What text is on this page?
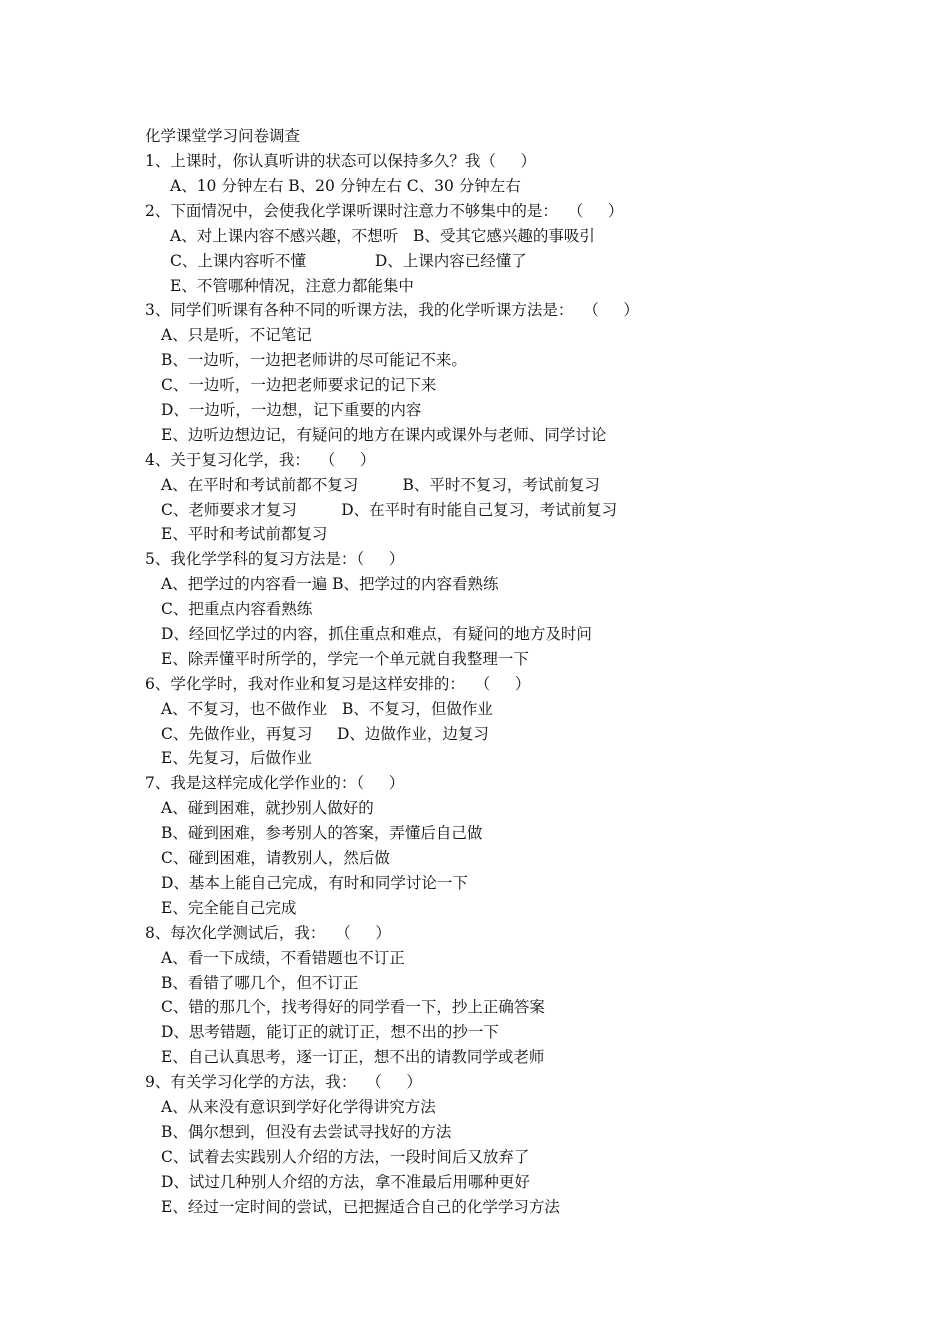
化学课堂学习问卷调查
1、上课时，你认真听讲的状态可以保持多久？我（     ）
A、10 分钟左右 B、20 分钟左右 C、30 分钟左右
2、下面情况中，会使我化学课听课时注意力不够集中的是：  （     ）
A、对上课内容不感兴趣，不想听   B、受其它感兴趣的事吸引
C、上课内容听不懂              D、上课内容已经懂了
E、不管哪种情况，注意力都能集中
3、同学们听课有各种不同的听课方法，我的化学听课方法是：  （     ）
A、只是听，不记笔记
B、一边听，一边把老师讲的尽可能记不来。
C、一边听，一边把老师要求记的记下来
D、一边听，一边想，记下重要的内容
E、边听边想边记，有疑问的地方在课内或课外与老师、同学讨论
4、关于复习化学，我：  （     ）
A、在平时和考试前都不复习         B、平时不复习，考试前复习
C、老师要求才复习         D、在平时有时能自己复习，考试前复习
E、平时和考试前都复习
5、我化学学科的复习方法是：（     ）
A、把学过的内容看一遍 B、把学过的内容看熟练
C、把重点内容看熟练
D、经回忆学过的内容，抓住重点和难点，有疑问的地方及时问
E、除弄懂平时所学的，学完一个单元就自我整理一下
6、学化学时，我对作业和复习是这样安排的：  （     ）
A、不复习，也不做作业   B、不复习，但做作业
C、先做作业，再复习     D、边做作业，边复习
E、先复习，后做作业
7、我是这样完成化学作业的：（     ）
A、碰到困难，就抄别人做好的
B、碰到困难，参考别人的答案，弄懂后自己做
C、碰到困难，请教别人，然后做
D、基本上能自己完成，有时和同学讨论一下
E、完全能自己完成
8、每次化学测试后，我：  （     ）
A、看一下成绩，不看错题也不订正
B、看错了哪几个，但不订正
C、错的那几个，找考得好的同学看一下，抄上正确答案
D、思考错题，能订正的就订正，想不出的抄一下
E、自己认真思考，逐一订正，想不出的请教同学或老师
9、有关学习化学的方法，我：  （     ）
A、从来没有意识到学好化学得讲究方法
B、偶尔想到，但没有去尝试寻找好的方法
C、试着去实践别人介绍的方法，一段时间后又放弃了
D、试过几种别人介绍的方法，拿不准最后用哪种更好
E、经过一定时间的尝试，已把握适合自己的化学学习方法
